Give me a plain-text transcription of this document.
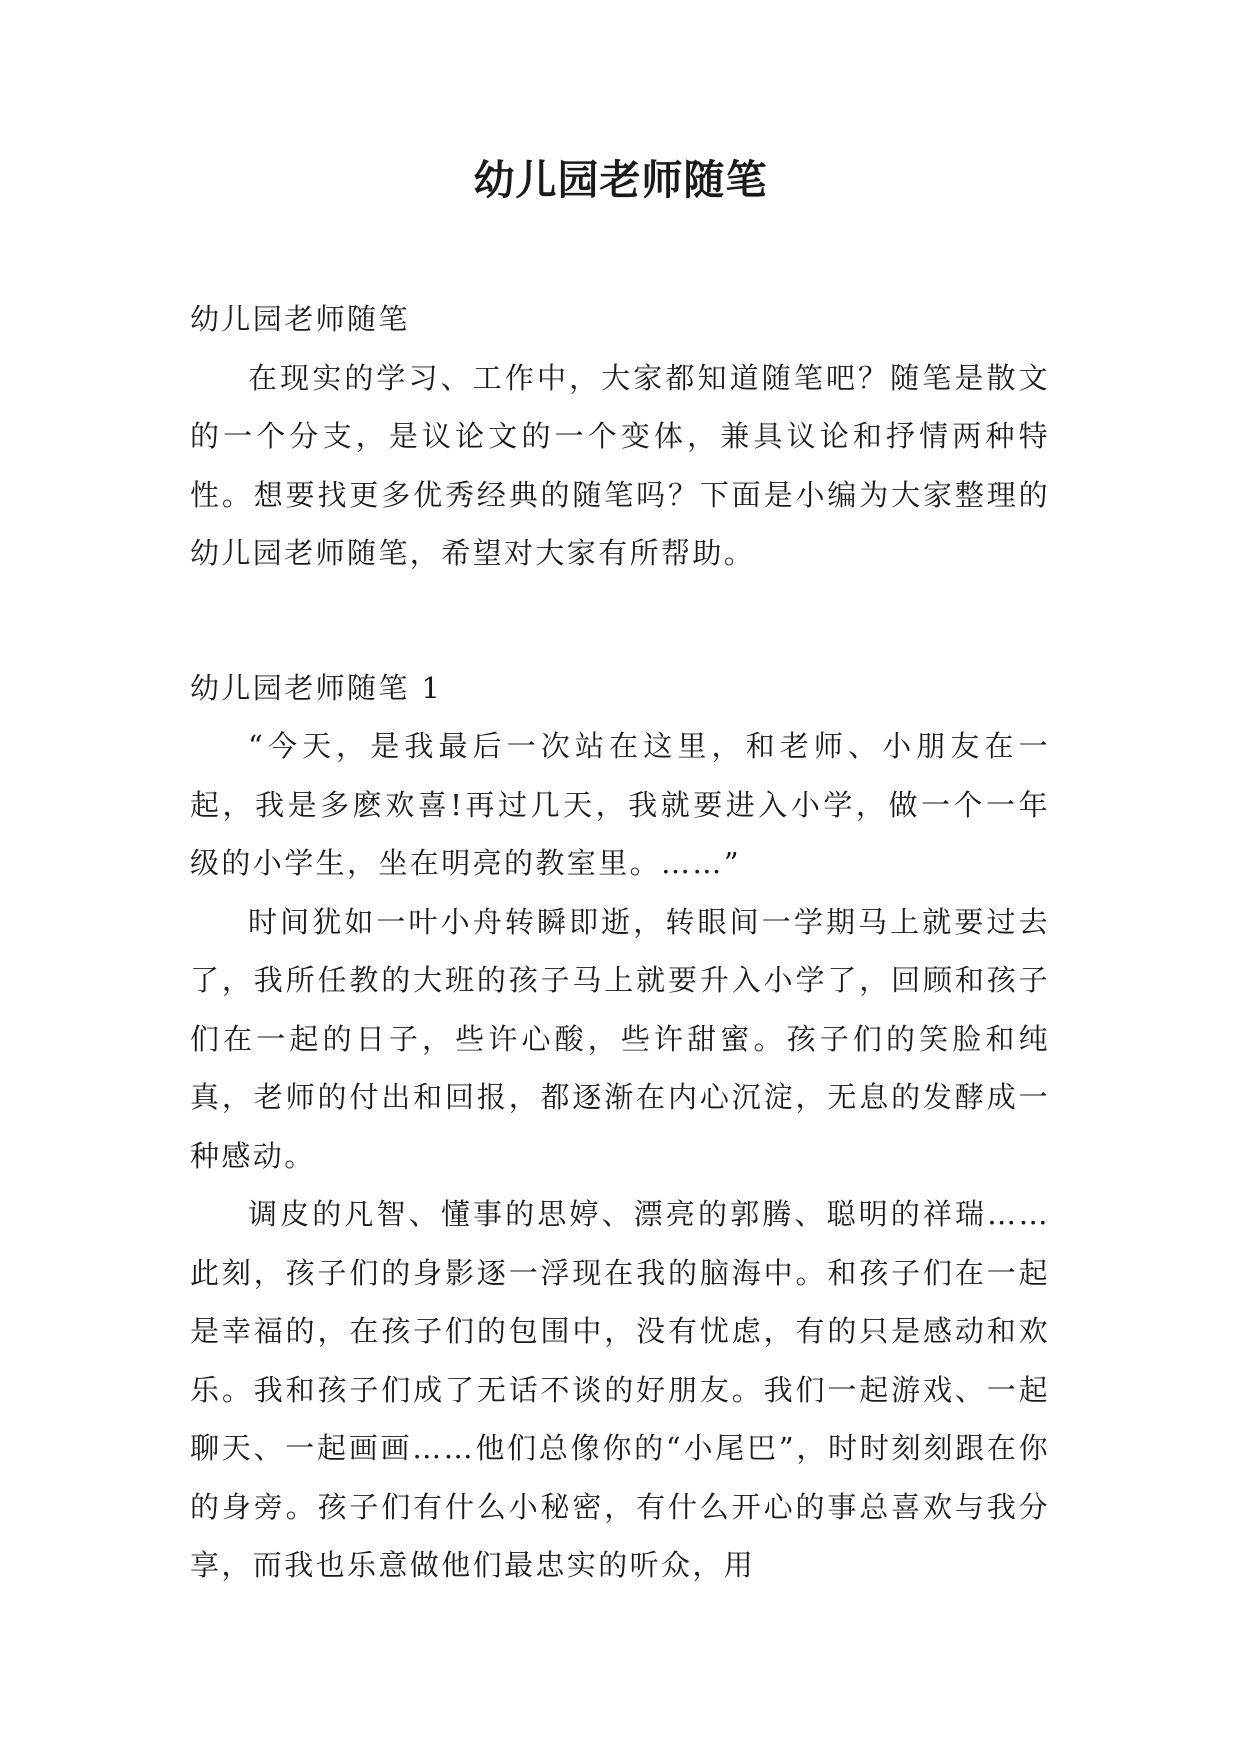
幼儿园老师随笔

幼儿园老师随笔

在现实的学习、工作中，大家都知道随笔吧？随笔是散文的一个分支，是议论文的一个变体，兼具议论和抒情两种特性。想要找更多优秀经典的随笔吗？下面是小编为大家整理的幼儿园老师随笔，希望对大家有所帮助。

幼儿园老师随笔 1

“今天，是我最后一次站在这里，和老师、小朋友在一起，我是多麽欢喜!再过几天，我就要进入小学，做一个一年级的小学生，坐在明亮的教室里。……”

时间犹如一叶小舟转瞬即逝，转眼间一学期马上就要过去了，我所任教的大班的孩子马上就要升入小学了，回顾和孩子们在一起的日子，些许心酸，些许甜蜜。孩子们的笑脸和纯真，老师的付出和回报，都逐渐在内心沉淀，无息的发酵成一种感动。

调皮的凡智、懂事的思婷、漂亮的郭腾、聪明的祥瑞……此刻，孩子们的身影逐一浮现在我的脑海中。和孩子们在一起是幸福的，在孩子们的包围中，没有忧虑，有的只是感动和欢乐。我和孩子们成了无话不谈的好朋友。我们一起游戏、一起聊天、一起画画……他们总像你的“小尾巴”，时时刻刻跟在你的身旁。孩子们有什么小秘密，有什么开心的事总喜欢与我分享，而我也乐意做他们最忠实的听众，用
